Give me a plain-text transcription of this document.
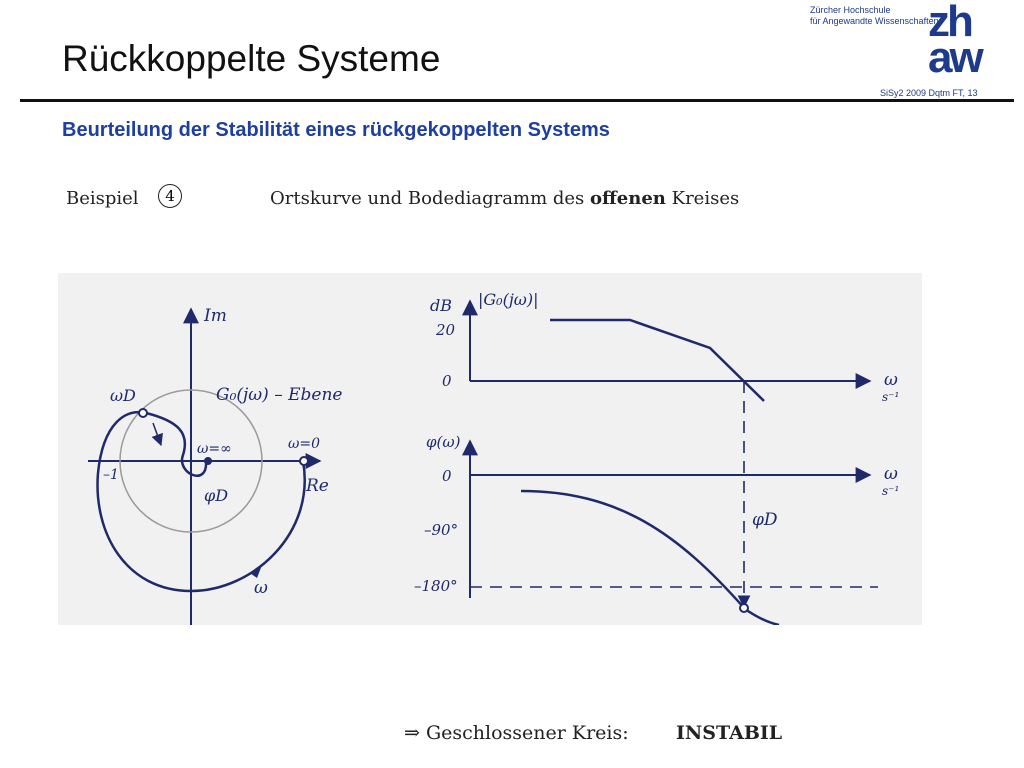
Rückkoppelte Systeme
Zürcher Hochschule
für Angewandte Wissenschaften
zh
aw
SiSy2 2009 Dqtm FT, 13
Beurteilung der Stabilität eines rückgekoppelten Systems
Beispiel	4	Ortskurve und Bodediagramm des offenen Kreises
Im
Re
G₀(jω) – Ebene
ωD
ω=∞	ω=0
–1
φD
ω
dB |G₀(jω)|
20
0	ω
s⁻¹
φ(ω)
0
–90°
–180°
φD
ω
s⁻¹
⇒ Geschlossener Kreis: INSTABIL
